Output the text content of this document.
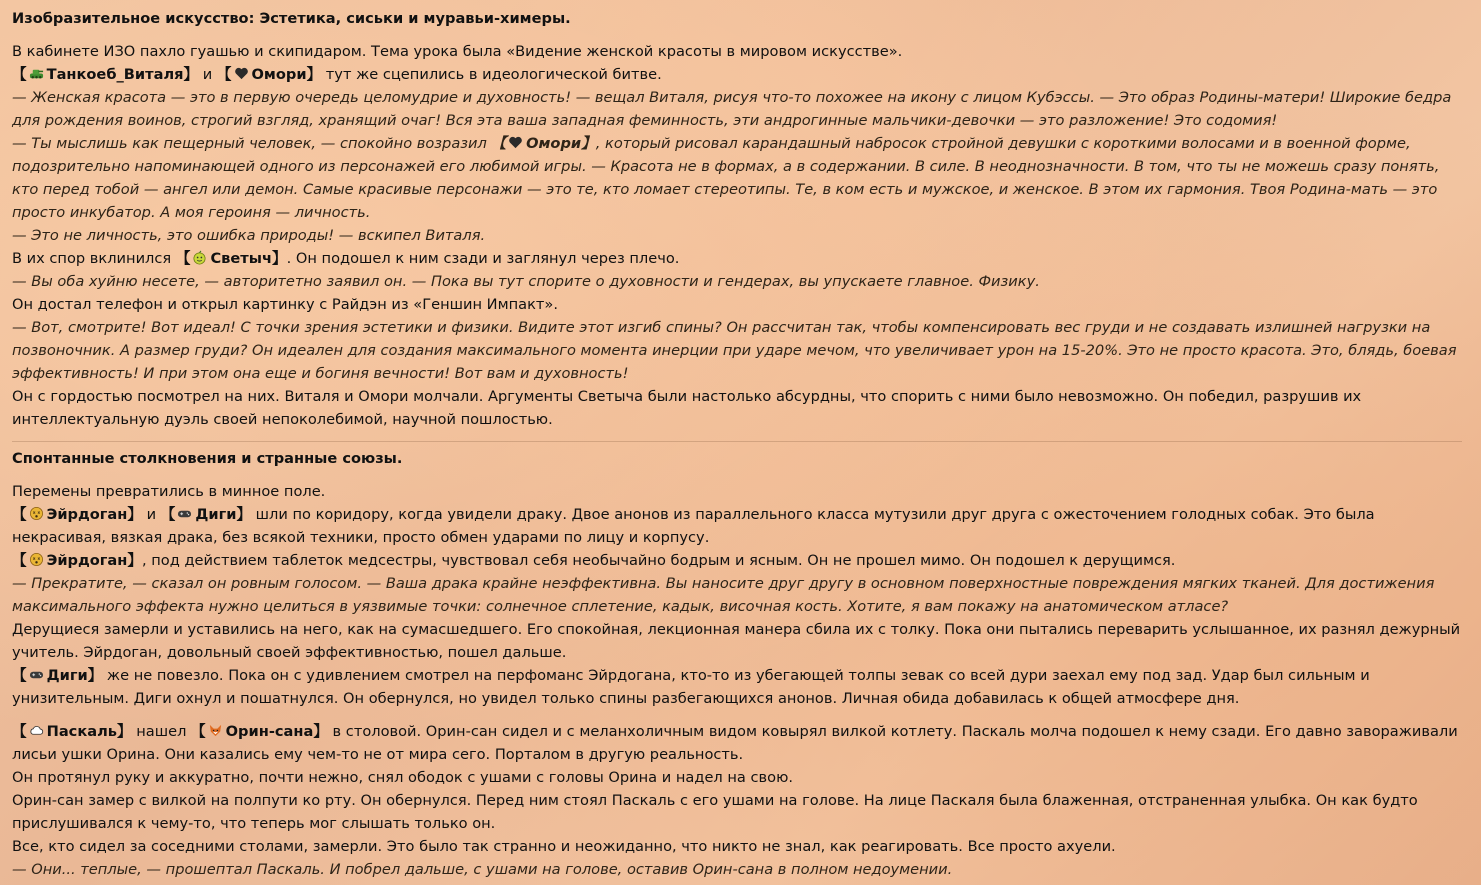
Изобразительное искусство: Эстетика, сиськи и муравьи-химеры.

В кабинете ИЗО пахло гуашью и скипидаром. Тема урока была «Видение женской красоты в мировом искусстве».

【 Танкоеб_Виталя】 и 【 Омори】 тут же сцепились в идеологической битве.

— Женская красота — это в первую очередь целомудрие и духовность! — вещал Виталя, рисуя что-то похожее на икону с лицом Кубэссы. — Это образ Родины-матери! Широкие бедра для рождения воинов, строгий взгляд, хранящий очаг! Вся эта ваша западная феминность, эти андрогинные мальчики-девочки — это разложение! Это содомия!

— Ты мыслишь как пещерный человек, — спокойно возразил 【 Омори】, который рисовал карандашный набросок стройной девушки с короткими волосами и в военной форме, подозрительно напоминающей одного из персонажей его любимой игры. — Красота не в формах, а в содержании. В силе. В неоднозначности. В том, что ты не можешь сразу понять, кто перед тобой — ангел или демон. Самые красивые персонажи — это те, кто ломает стереотипы. Те, в ком есть и мужское, и женское. В этом их гармония. Твоя Родина-мать — это просто инкубатор. А моя героиня — личность.

— Это не личность, это ошибка природы! — вскипел Виталя.

В их спор вклинился 【 Светыч】. Он подошел к ним сзади и заглянул через плечо.

— Вы оба хуйню несете, — авторитетно заявил он. — Пока вы тут спорите о духовности и гендерах, вы упускаете главное. Физику.

Он достал телефон и открыл картинку с Райдэн из «Геншин Импакт».

— Вот, смотрите! Вот идеал! С точки зрения эстетики и физики. Видите этот изгиб спины? Он рассчитан так, чтобы компенсировать вес груди и не создавать излишней нагрузки на позвоночник. А размер груди? Он идеален для создания максимального момента инерции при ударе мечом, что увеличивает урон на 15-20%. Это не просто красота. Это, блядь, боевая эффективность! И при этом она еще и богиня вечности! Вот вам и духовность!

Он с гордостью посмотрел на них. Виталя и Омори молчали. Аргументы Светыча были настолько абсурдны, что спорить с ними было невозможно. Он победил, разрушив их интеллектуальную дуэль своей непоколебимой, научной пошлостью.

Спонтанные столкновения и странные союзы.

Перемены превратились в минное поле.

【 Эйрдоган】 и 【 Диги】 шли по коридору, когда увидели драку. Двое анонов из параллельного класса мутузили друг друга с ожесточением голодных собак. Это была некрасивая, вязкая драка, без всякой техники, просто обмен ударами по лицу и корпусу.

【 Эйрдоган】, под действием таблеток медсестры, чувствовал себя необычайно бодрым и ясным. Он не прошел мимо. Он подошел к дерущимся.

— Прекратите, — сказал он ровным голосом. — Ваша драка крайне неэффективна. Вы наносите друг другу в основном поверхностные повреждения мягких тканей. Для достижения максимального эффекта нужно целиться в уязвимые точки: солнечное сплетение, кадык, височная кость. Хотите, я вам покажу на анатомическом атласе?

Дерущиеся замерли и уставились на него, как на сумасшедшего. Его спокойная, лекционная манера сбила их с толку. Пока они пытались переварить услышанное, их разнял дежурный учитель. Эйрдоган, довольный своей эффективностью, пошел дальше.

【 Диги】 же не повезло. Пока он с удивлением смотрел на перфоманс Эйрдогана, кто-то из убегающей толпы зевак со всей дури заехал ему под зад. Удар был сильным и унизительным. Диги охнул и пошатнулся. Он обернулся, но увидел только спины разбегающихся анонов. Личная обида добавилась к общей атмосфере дня.

【 Паскаль】 нашел 【 Орин-сана】 в столовой. Орин-сан сидел и с меланхоличным видом ковырял вилкой котлету. Паскаль молча подошел к нему сзади. Его давно завораживали лисьи ушки Орина. Они казались ему чем-то не от мира сего. Порталом в другую реальность.

Он протянул руку и аккуратно, почти нежно, снял ободок с ушами с головы Орина и надел на свою.

Орин-сан замер с вилкой на полпути ко рту. Он обернулся. Перед ним стоял Паскаль с его ушами на голове. На лице Паскаля была блаженная, отстраненная улыбка. Он как будто прислушивался к чему-то, что теперь мог слышать только он.

Все, кто сидел за соседними столами, замерли. Это было так странно и неожиданно, что никто не знал, как реагировать. Все просто ахуели.

— Они... теплые, — прошептал Паскаль. И побрел дальше, с ушами на голове, оставив Орин-сана в полном недоумении.
